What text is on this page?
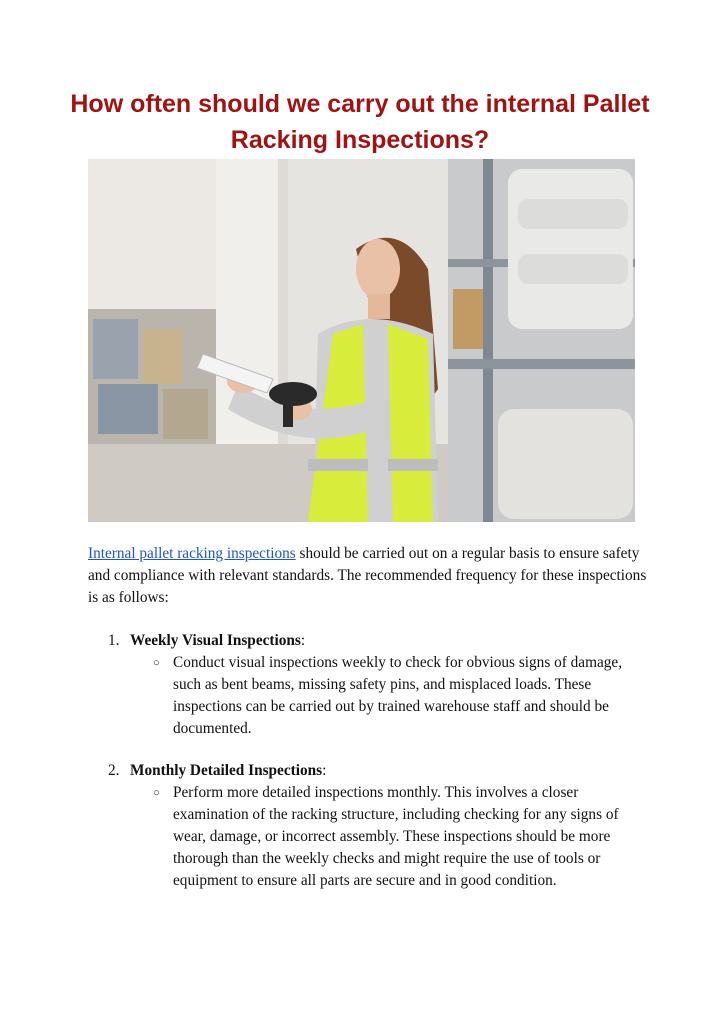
How often should we carry out the internal Pallet Racking Inspections?
Internal pallet racking inspections should be carried out on a regular basis to ensure safety and compliance with relevant standards. The recommended frequency for these inspections is as follows:
1. Weekly Visual Inspections:
○ Conduct visual inspections weekly to check for obvious signs of damage, such as bent beams, missing safety pins, and misplaced loads. These inspections can be carried out by trained warehouse staff and should be documented.
2. Monthly Detailed Inspections:
○ Perform more detailed inspections monthly. This involves a closer examination of the racking structure, including checking for any signs of wear, damage, or incorrect assembly. These inspections should be more thorough than the weekly checks and might require the use of tools or equipment to ensure all parts are secure and in good condition.
